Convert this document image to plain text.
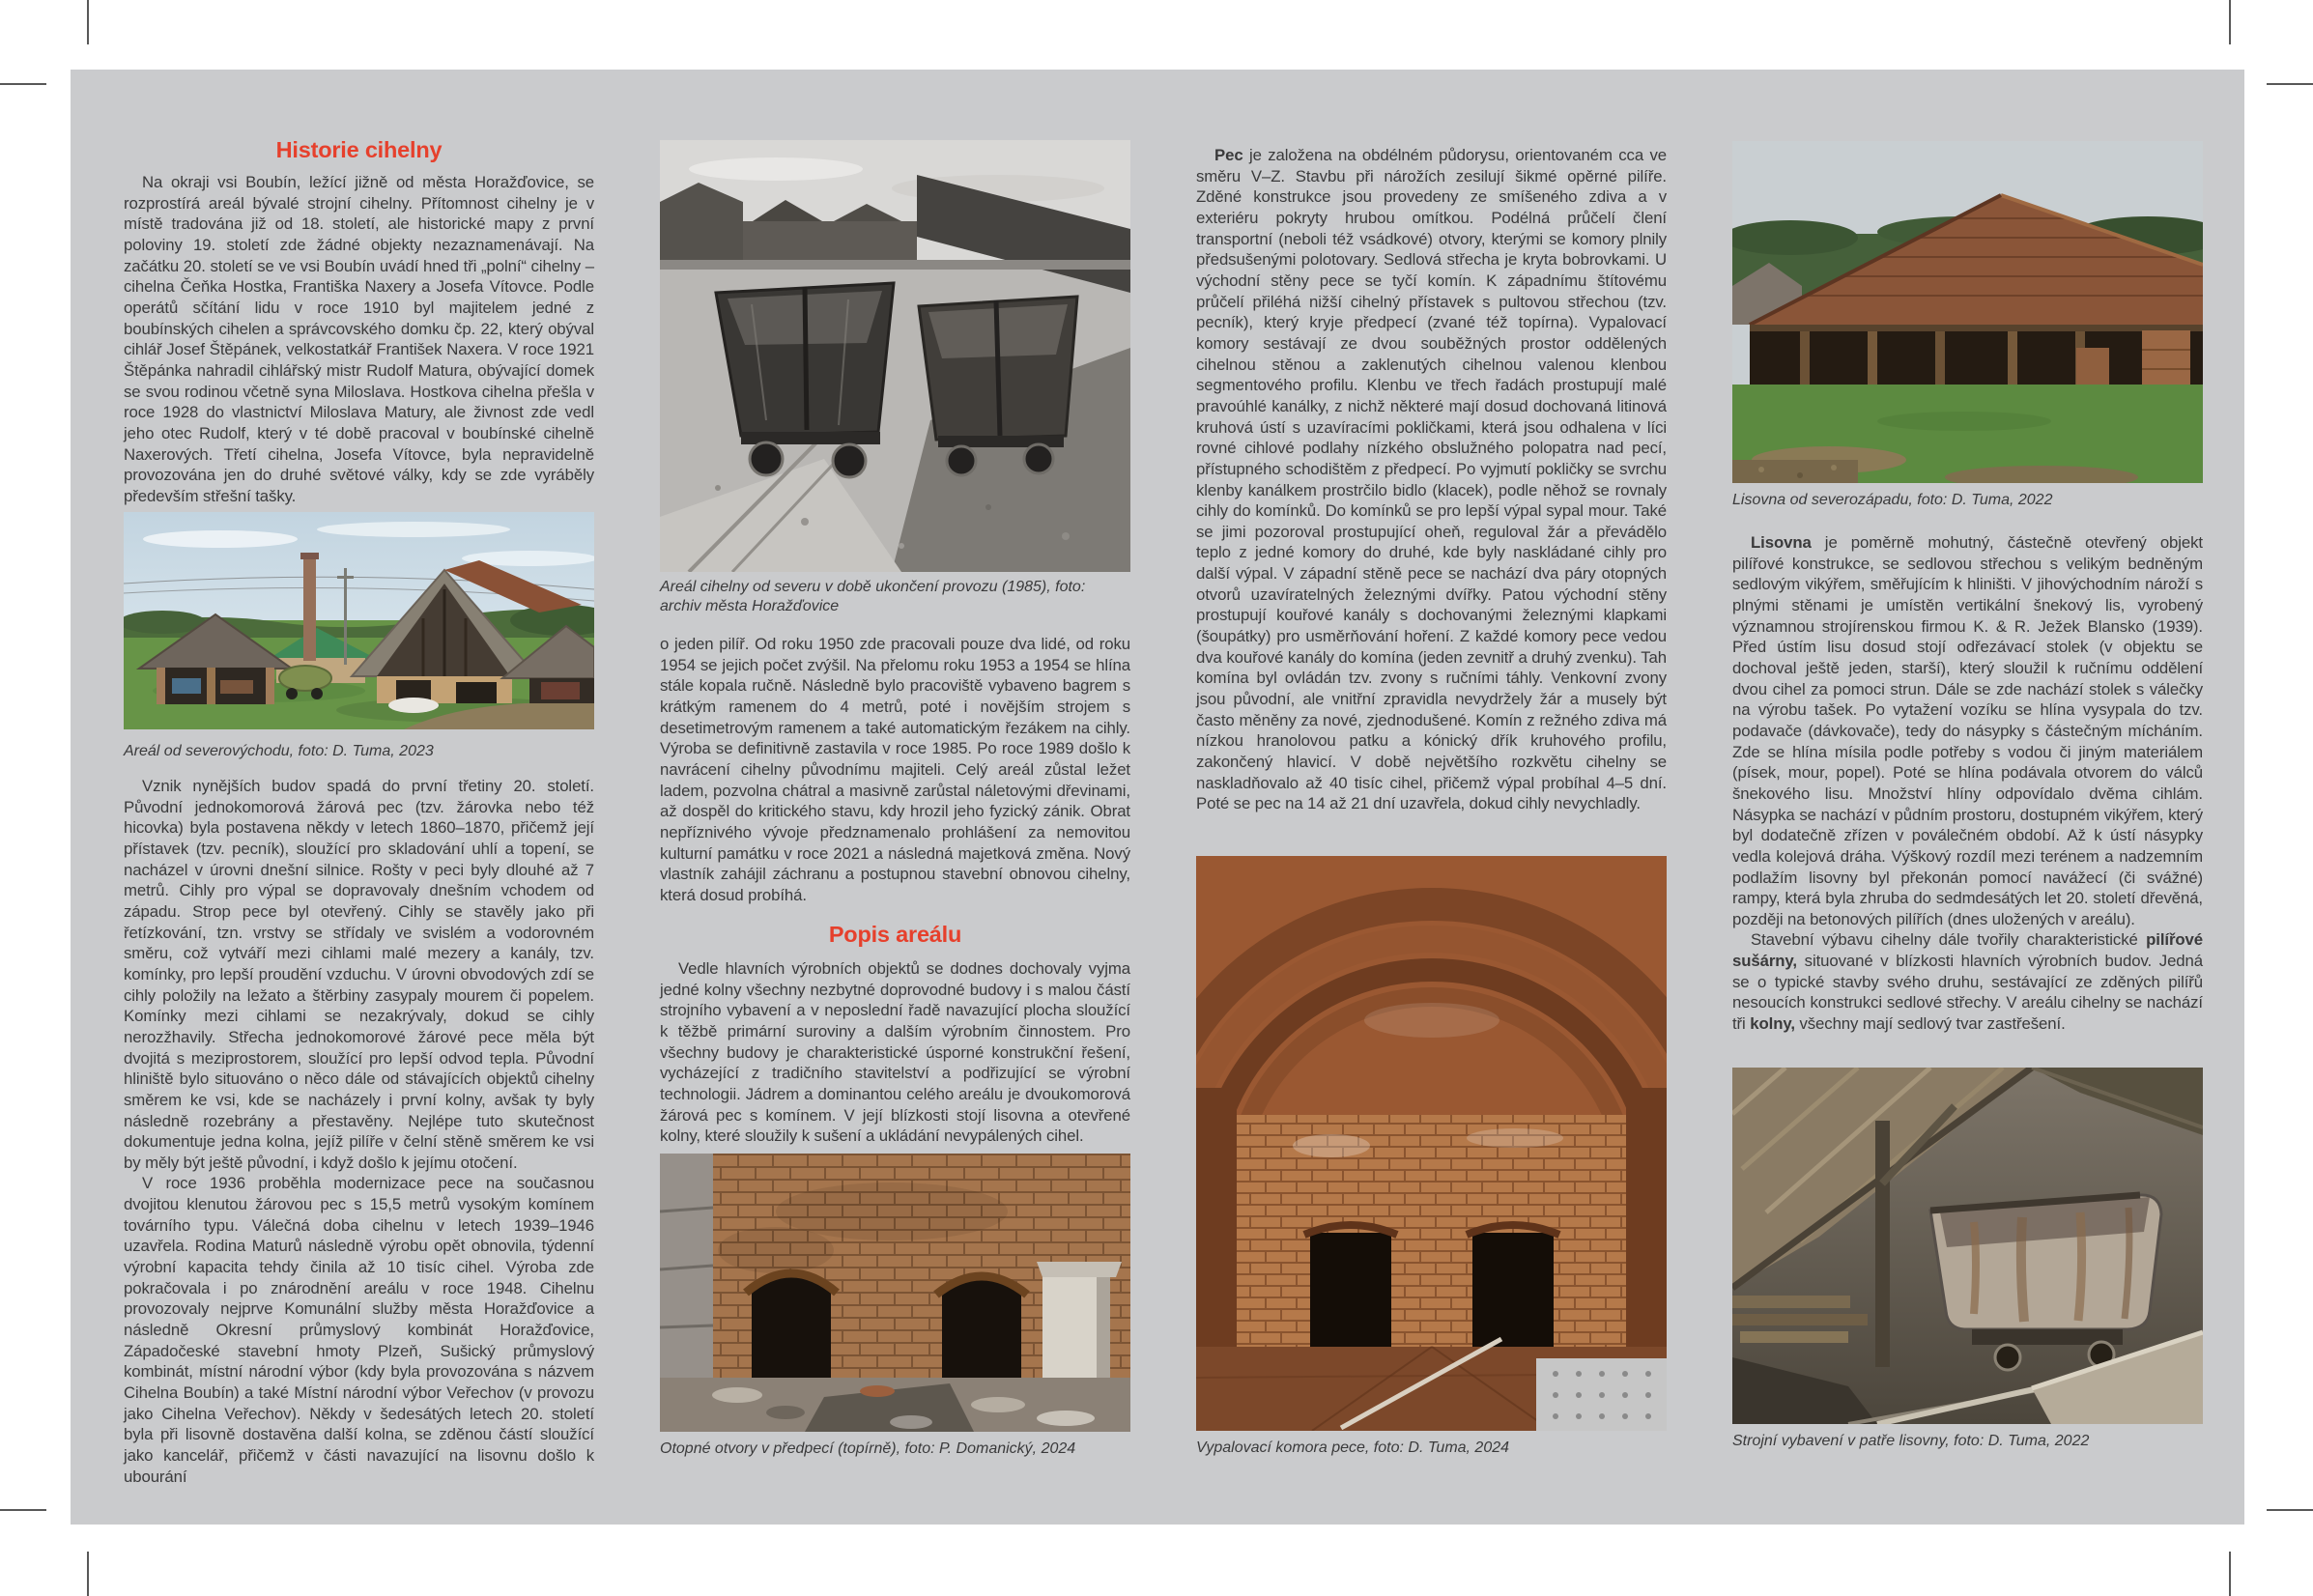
Historie cihelny

Na okraji vsi Boubín, ležící jižně od města Horažďovice, se rozprostírá areál bývalé strojní cihelny. Přítomnost cihelny je v místě tradována již od 18. století, ale historické mapy z první poloviny 19. století zde žádné objekty nezaznamenávají. Na začátku 20. století se ve vsi Boubín uvádí hned tři „polní“ cihelny – cihelna Čeňka Hostka, Františka Naxery a Josefa Vítovce. Podle operátů sčítání lidu v roce 1910 byl majitelem jedné z boubínských cihelen a správcovského domku čp. 22, který obýval cihlář Josef Štěpánek, velkostatkář František Naxera. V roce 1921 Štěpánka nahradil cihlářský mistr Rudolf Matura, obývající domek se svou rodinou včetně syna Miloslava. Hostkova cihelna přešla v roce 1928 do vlastnictví Miloslava Matury, ale živnost zde vedl jeho otec Rudolf, který v té době pracoval v boubínské cihelně Naxerových. Třetí cihelna, Josefa Vítovce, byla nepravidelně provozována jen do druhé světové války, kdy se zde vyráběly především střešní tašky.

Areál od severovýchodu, foto: D. Tuma, 2023

Vznik nynějších budov spadá do první třetiny 20. století. Původní jednokomorová žárová pec (tzv. žárovka nebo též hicovka) byla postavena někdy v letech 1860–1870, přičemž její přístavek (tzv. pecník), sloužící pro skladování uhlí a topení, se nacházel v úrovni dnešní silnice. Rošty v peci byly dlouhé až 7 metrů. Cihly pro výpal se dopravovaly dnešním vchodem od západu. Strop pece byl otevřený. Cihly se stavěly jako při řetízkování, tzn. vrstvy se střídaly ve svislém a vodorovném směru, což vytváří mezi cihlami malé mezery a kanály, tzv. komínky, pro lepší proudění vzduchu. V úrovni obvodových zdí se cihly položily na ležato a štěrbiny zasypaly mourem či popelem. Komínky mezi cihlami se nezakrývaly, dokud se cihly nerozžhavily. Střecha jednokomorové žárové pece měla být dvojitá s meziprostorem, sloužící pro lepší odvod tepla. Původní hliniště bylo situováno o něco dále od stávajících objektů cihelny směrem ke vsi, kde se nacházely i první kolny, avšak ty byly následně rozebrány a přestavěny. Nejlépe tuto skutečnost dokumentuje jedna kolna, jejíž pilíře v čelní stěně směrem ke vsi by měly být ještě původní, i když došlo k jejímu otočení.

V roce 1936 proběhla modernizace pece na současnou dvojitou klenutou žárovou pec s 15,5 metrů vysokým komínem továrního typu. Válečná doba cihelnu v letech 1939–1946 uzavřela. Rodina Maturů následně výrobu opět obnovila, týdenní výrobní kapacita tehdy činila až 10 tisíc cihel. Výroba zde pokračovala i po znárodnění areálu v roce 1948. Cihelnu provozovaly nejprve Komunální služby města Horažďovice a následně Okresní průmyslový kombinát Horažďovice, Západočeské stavební hmoty Plzeň, Sušický průmyslový kombinát, místní národní výbor (kdy byla provozována s názvem Cihelna Boubín) a také Místní národní výbor Veřechov (v provozu jako Cihelna Veřechov). Někdy v šedesátých letech 20. století byla při lisovně dostavěna další kolna, se zděnou částí sloužící jako kancelář, přičemž v části navazující na lisovnu došlo k ubourání

Areál cihelny od severu v době ukončení provozu (1985), foto: archiv města Horažďovice

o jeden pilíř. Od roku 1950 zde pracovali pouze dva lidé, od roku 1954 se jejich počet zvýšil. Na přelomu roku 1953 a 1954 se hlína stále kopala ručně. Následně bylo pracoviště vybaveno bagrem s krátkým ramenem do 4 metrů, poté i novějším strojem s desetimetrovým ramenem a také automatickým řezákem na cihly. Výroba se definitivně zastavila v roce 1985. Po roce 1989 došlo k navrácení cihelny původnímu majiteli. Celý areál zůstal ležet ladem, pozvolna chátral a masivně zarůstal náletovými dřevinami, až dospěl do kritického stavu, kdy hrozil jeho fyzický zánik. Obrat nepříznivého vývoje předznamenalo prohlášení za nemovitou kulturní památku v roce 2021 a následná majetková změna. Nový vlastník zahájil záchranu a postupnou stavební obnovou cihelny, která dosud probíhá.

Popis areálu

Vedle hlavních výrobních objektů se dodnes dochovaly vyjma jedné kolny všechny nezbytné doprovodné budovy i s malou částí strojního vybavení a v neposlední řadě navazující plocha sloužící k těžbě primární suroviny a dalším výrobním činnostem. Pro všechny budovy je charakteristické úsporné konstrukční řešení, vycházející z tradičního stavitelství a podřizující se výrobní technologii. Jádrem a dominantou celého areálu je dvoukomorová žárová pec s komínem. V její blízkosti stojí lisovna a otevřené kolny, které sloužily k sušení a ukládání nevypálených cihel.

Otopné otvory v předpecí (topírně), foto: P. Domanický, 2024

Pec je založena na obdélném půdorysu, orientovaném cca ve směru V–Z. Stavbu při nárožích zesilují šikmé opěrné pilíře. Zděné konstrukce jsou provedeny ze smíšeného zdiva a v exteriéru pokryty hrubou omítkou. Podélná průčelí člení transportní (neboli též vsádkové) otvory, kterými se komory plnily předsušenými polotovary. Sedlová střecha je kryta bobrovkami. U východní stěny pece se tyčí komín. K západnímu štítovému průčelí přiléhá nižší cihelný přístavek s pultovou střechou (tzv. pecník), který kryje předpecí (zvané též topírna). Vypalovací komory sestávají ze dvou souběžných prostor oddělených cihelnou stěnou a zaklenutých cihelnou valenou klenbou segmentového profilu. Klenbu ve třech řadách prostupují malé pravoúhlé kanálky, z nichž některé mají dosud dochovaná litinová kruhová ústí s uzavíracími pokličkami, která jsou odhalena v líci rovné cihlové podlahy nízkého obslužného polopatra nad pecí, přístupného schodištěm z předpecí. Po vyjmutí pokličky se svrchu klenby kanálkem prostrčilo bidlo (klacek), podle něhož se rovnaly cihly do komínků. Do komínků se pro lepší výpal sypal mour. Také se jimi pozoroval prostupující oheň, reguloval žár a převádělo teplo z jedné komory do druhé, kde byly naskládané cihly pro další výpal. V západní stěně pece se nachází dva páry otopných otvorů uzavíratelných železnými dvířky. Patou východní stěny prostupují kouřové kanály s dochovanými železnými klapkami (šoupátky) pro usměrňování hoření. Z každé komory pece vedou dva kouřové kanály do komína (jeden zevnitř a druhý zvenku). Tah komína byl ovládán tzv. zvony s ručními táhly. Venkovní zvony jsou původní, ale vnitřní zpravidla nevydržely žár a musely být často měněny za nové, zjednodušené. Komín z režného zdiva má nízkou hranolovou patku a kónický dřík kruhového profilu, zakončený hlavicí. V době největšího rozkvětu cihelny se naskladňovalo až 40 tisíc cihel, přičemž výpal probíhal 4–5 dní. Poté se pec na 14 až 21 dní uzavřela, dokud cihly nevychladly.

Vypalovací komora pece, foto: D. Tuma, 2024
Lisovna od severozápadu, foto: D. Tuma, 2022

Lisovna je poměrně mohutný, částečně otevřený objekt pilířové konstrukce, se sedlovou střechou s velikým bedněným sedlovým vikýřem, směřujícím k hliništi. V jihovýchodním nároží s plnými stěnami je umístěn vertikální šnekový lis, vyrobený významnou strojírenskou firmou K. & R. Ježek Blansko (1939). Před ústím lisu dosud stojí odřezávací stolek (v objektu se dochoval ještě jeden, starší), který sloužil k ručnímu oddělení dvou cihel za pomoci strun. Dále se zde nachází stolek s válečky na výrobu tašek. Po vytažení vozíku se hlína vysypala do tzv. podavače (dávkovače), tedy do násypky s částečným mícháním. Zde se hlína mísila podle potřeby s vodou či jiným materiálem (písek, mour, popel). Poté se hlína podávala otvorem do válců šnekového lisu. Množství hlíny odpovídalo dvěma cihlám. Násypka se nachází v půdním prostoru, dostupném vikýřem, který byl dodatečně zřízen v poválečném období. Až k ústí násypky vedla kolejová dráha. Výškový rozdíl mezi terénem a nadzemním podlažím lisovny byl překonán pomocí navážecí (či svážné) rampy, která byla zhruba do sedmdesátých let 20. století dřevěná, později na betonových pilířích (dnes uložených v areálu).

Stavební výbavu cihelny dále tvořily charakteristické pilířové sušárny, situované v blízkosti hlavních výrobních budov. Jedná se o typické stavby svého druhu, sestávající ze zděných pilířů nesoucích konstrukci sedlové střechy. V areálu cihelny se nachází tři kolny, všechny mají sedlový tvar zastřešení.

Strojní vybavení v patře lisovny, foto: D. Tuma, 2022
